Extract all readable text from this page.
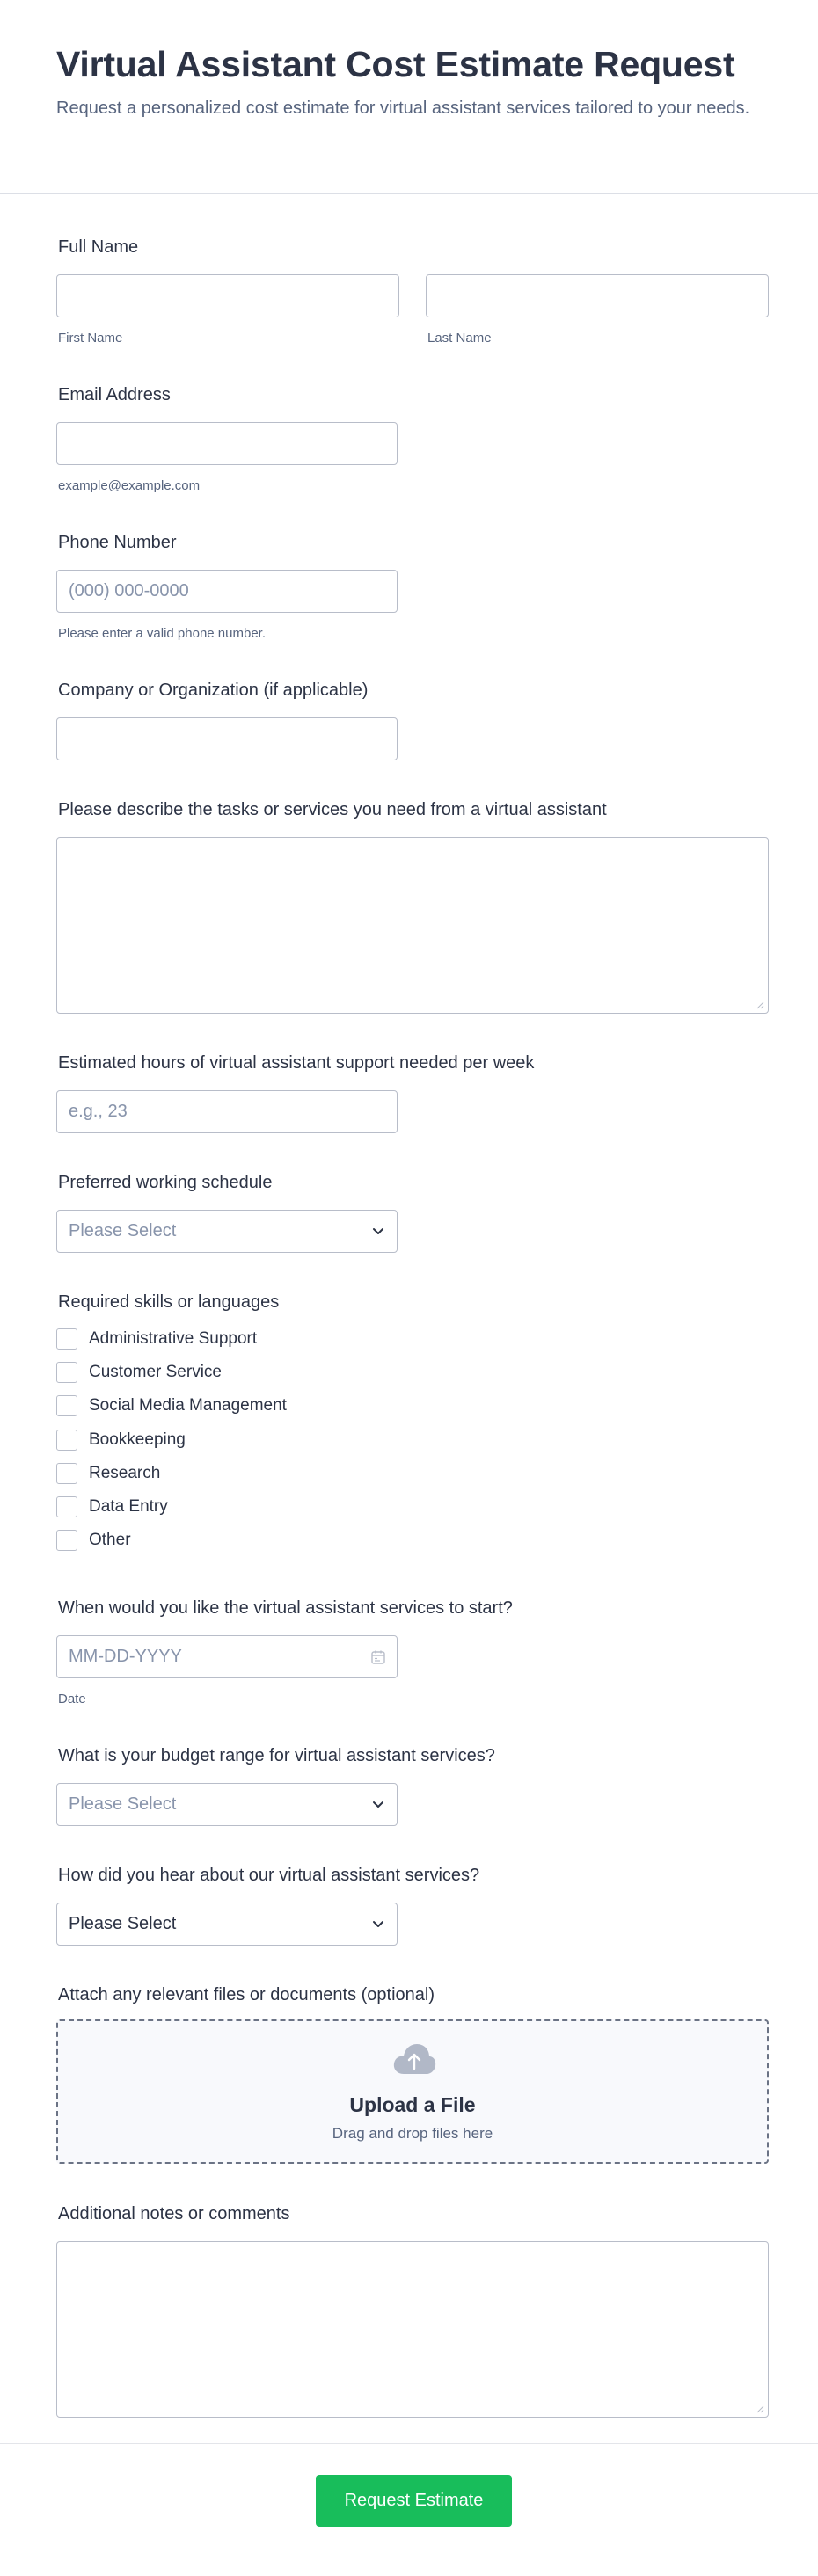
Virtual Assistant Cost Estimate Request

Request a personalized cost estimate for virtual assistant services tailored to your needs.

Full Name
First Name	Last Name
Email Address
example@example.com
Phone Number
(000) 000-0000
Please enter a valid phone number.
Company or Organization (if applicable)
Please describe the tasks or services you need from a virtual assistant
Estimated hours of virtual assistant support needed per week
e.g., 23
Preferred working schedule
Please Select
Required skills or languages
Administrative Support
Customer Service
Social Media Management
Bookkeeping
Research
Data Entry
Other
When would you like the virtual assistant services to start?
MM-DD-YYYY
Date
What is your budget range for virtual assistant services?
Please Select
How did you hear about our virtual assistant services?
Please Select
Attach any relevant files or documents (optional)
Upload a File
Drag and drop files here
Additional notes or comments
Request Estimate
